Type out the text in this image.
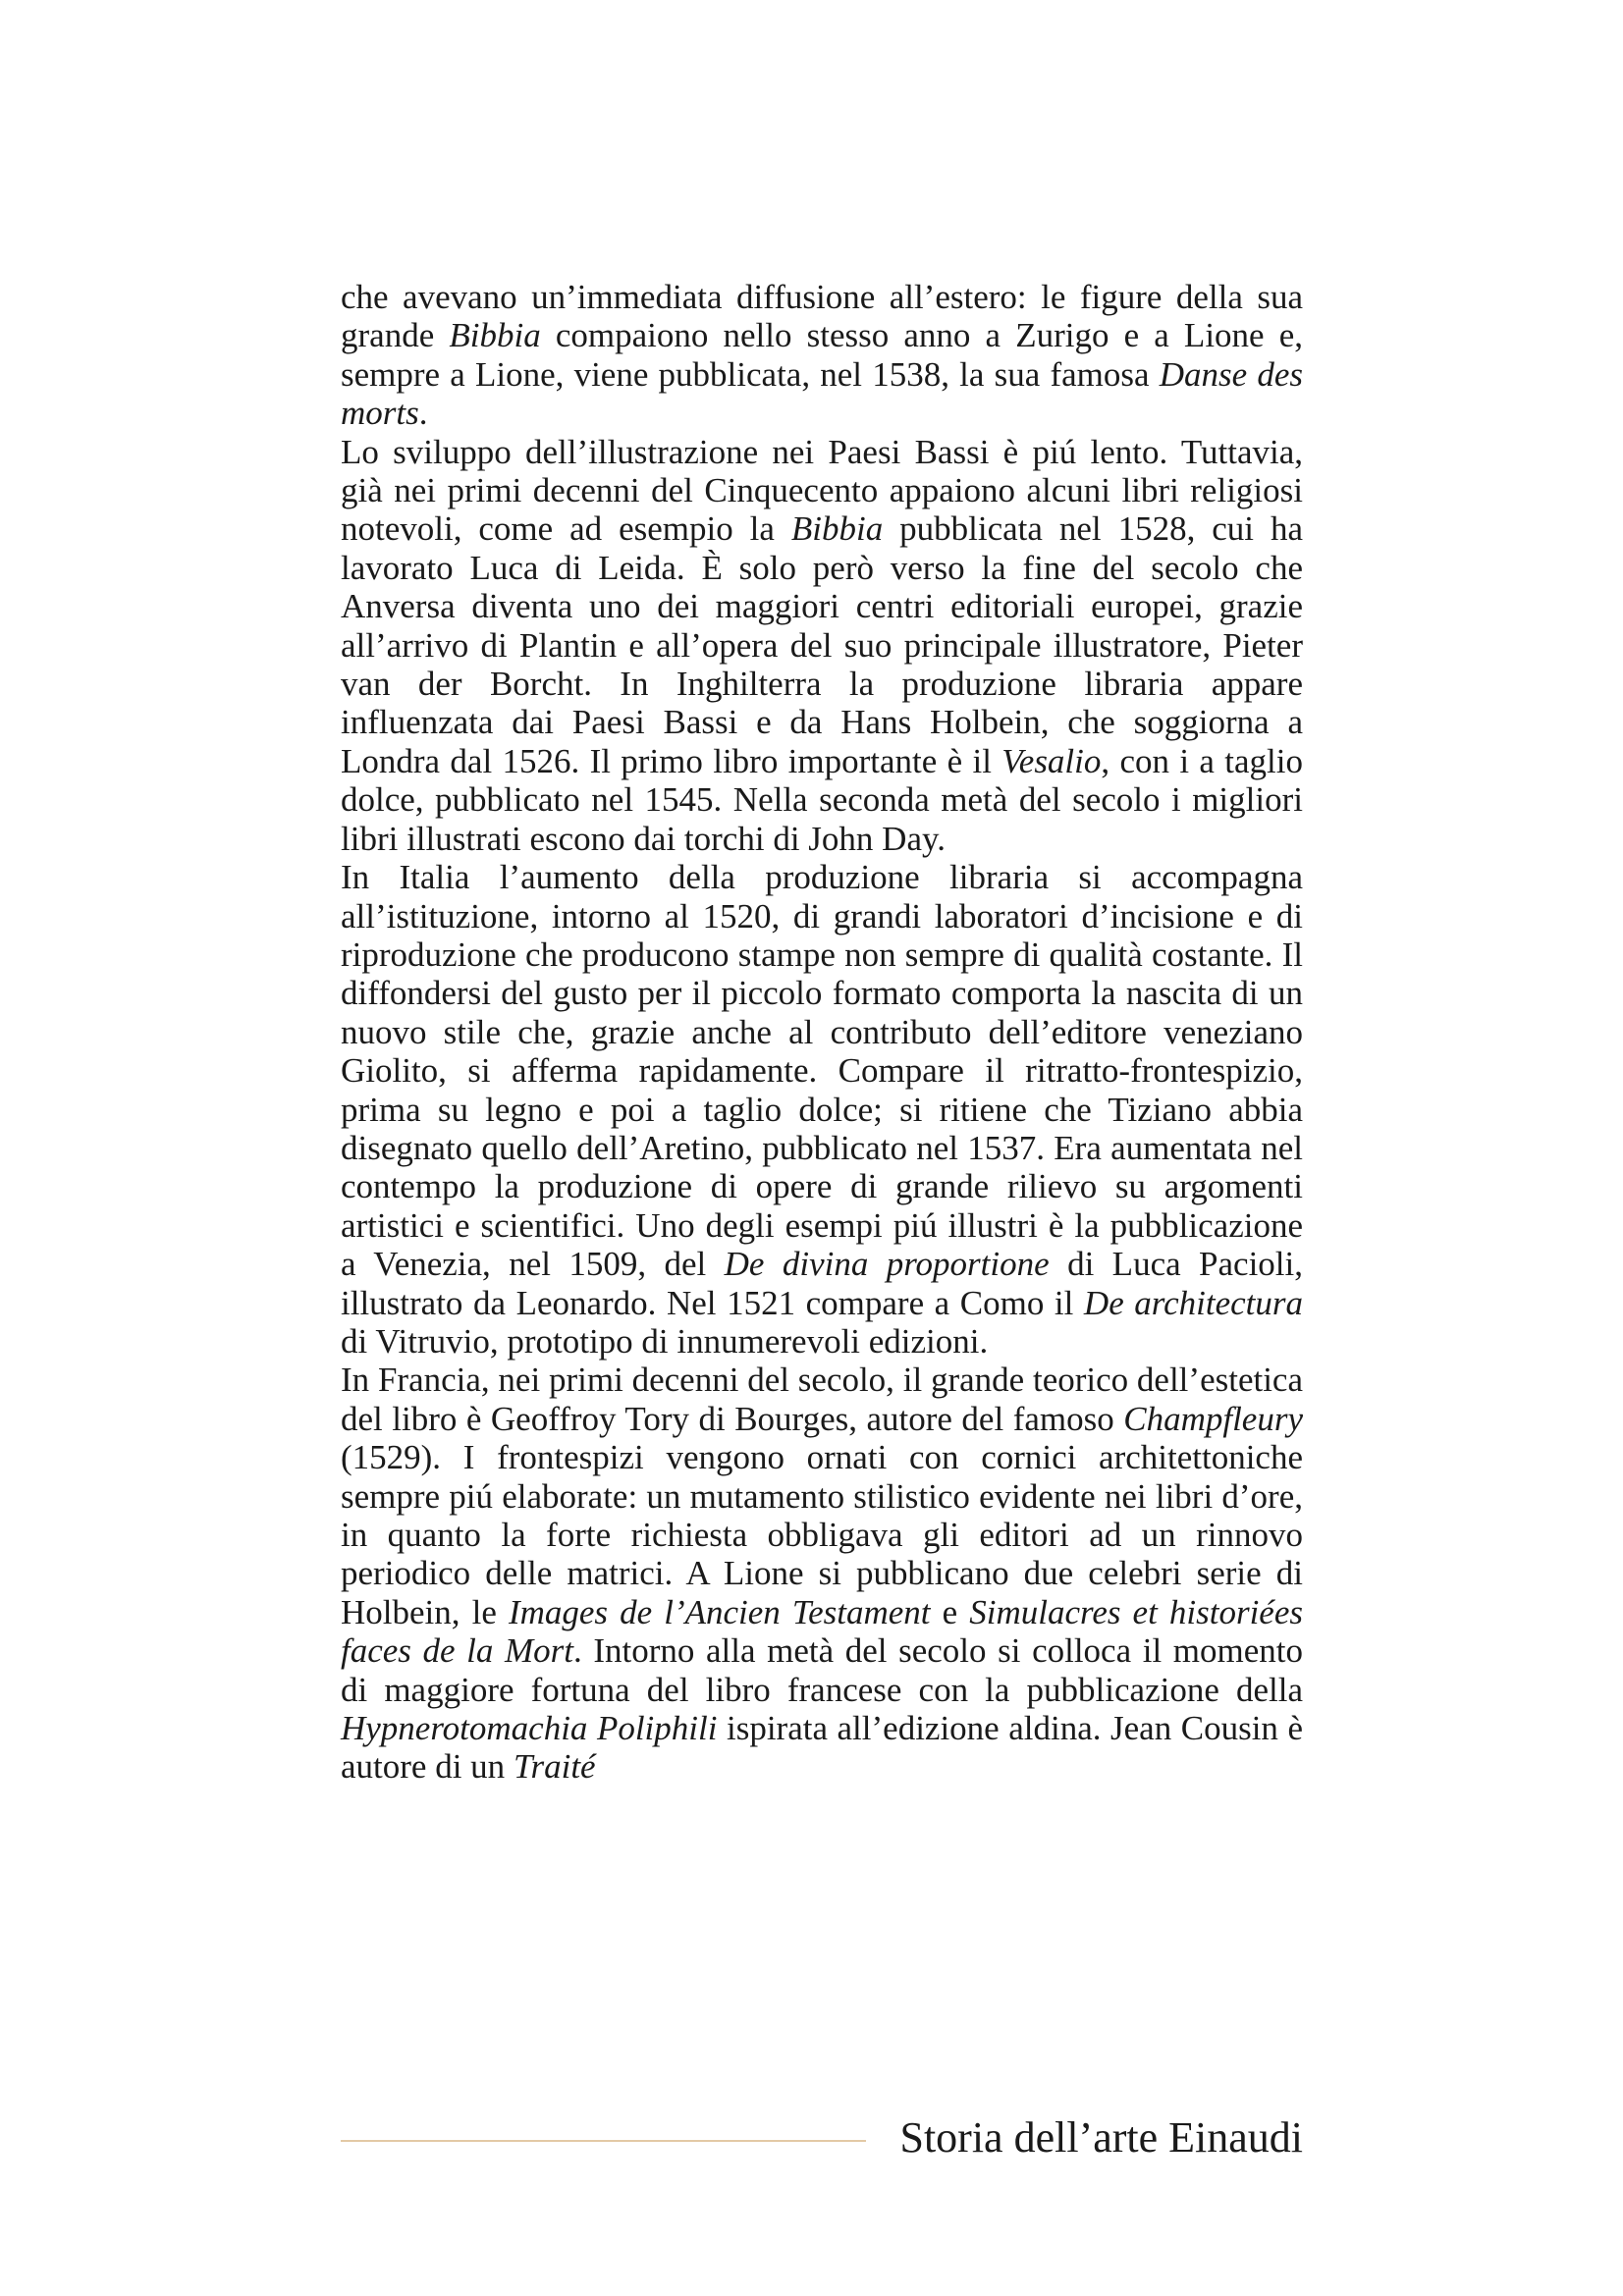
che avevano un’immediata diffusione all’estero: le figure della sua grande Bibbia compaiono nello stesso anno a Zurigo e a Lione e, sempre a Lione, viene pubblicata, nel 1538, la sua famosa Danse des morts.

Lo sviluppo dell’illustrazione nei Paesi Bassi è piú lento. Tuttavia, già nei primi decenni del Cinquecento appaiono alcuni libri religiosi notevoli, come ad esempio la Bibbia pubblicata nel 1528, cui ha lavorato Luca di Leida. È solo però verso la fine del secolo che Anversa diventa uno dei maggiori centri editoriali europei, grazie all’arrivo di Plantin e all’opera del suo principale illustratore, Pieter van der Borcht. In Inghilterra la produzione libraria appare influenzata dai Paesi Bassi e da Hans Holbein, che soggiorna a Londra dal 1526. Il primo libro importante è il Vesalio, con i a taglio dolce, pubblicato nel 1545. Nella seconda metà del secolo i migliori libri illustrati escono dai torchi di John Day.

In Italia l’aumento della produzione libraria si accompagna all’istituzione, intorno al 1520, di grandi laboratori d’incisione e di riproduzione che producono stampe non sempre di qualità costante. Il diffondersi del gusto per il piccolo formato comporta la nascita di un nuovo stile che, grazie anche al contributo dell’editore veneziano Giolito, si afferma rapidamente. Compare il ritratto-frontespizio, prima su legno e poi a taglio dolce; si ritiene che Tiziano abbia disegnato quello dell’Aretino, pubblicato nel 1537. Era aumentata nel contempo la produzione di opere di grande rilievo su argomenti artistici e scientifici. Uno degli esempi piú illustri è la pubblicazione a Venezia, nel 1509, del De divina proportione di Luca Pacioli, illustrato da Leonardo. Nel 1521 compare a Como il De architectura di Vitruvio, prototipo di innumerevoli edizioni.

In Francia, nei primi decenni del secolo, il grande teorico dell’estetica del libro è Geoffroy Tory di Bourges, autore del famoso Champfleury (1529). I frontespizi vengono ornati con cornici architettoniche sempre piú elaborate: un mutamento stilistico evidente nei libri d’ore, in quanto la forte richiesta obbligava gli editori ad un rinnovo periodico delle matrici. A Lione si pubblicano due celebri serie di Holbein, le Images de l’Ancien Testament e Simulacres et historiées faces de la Mort. Intorno alla metà del secolo si colloca il momento di maggiore fortuna del libro francese con la pubblicazione della Hypnerotomachia Poliphili ispirata all’edizione aldina. Jean Cousin è autore di un Traité

Storia dell’arte Einaudi
